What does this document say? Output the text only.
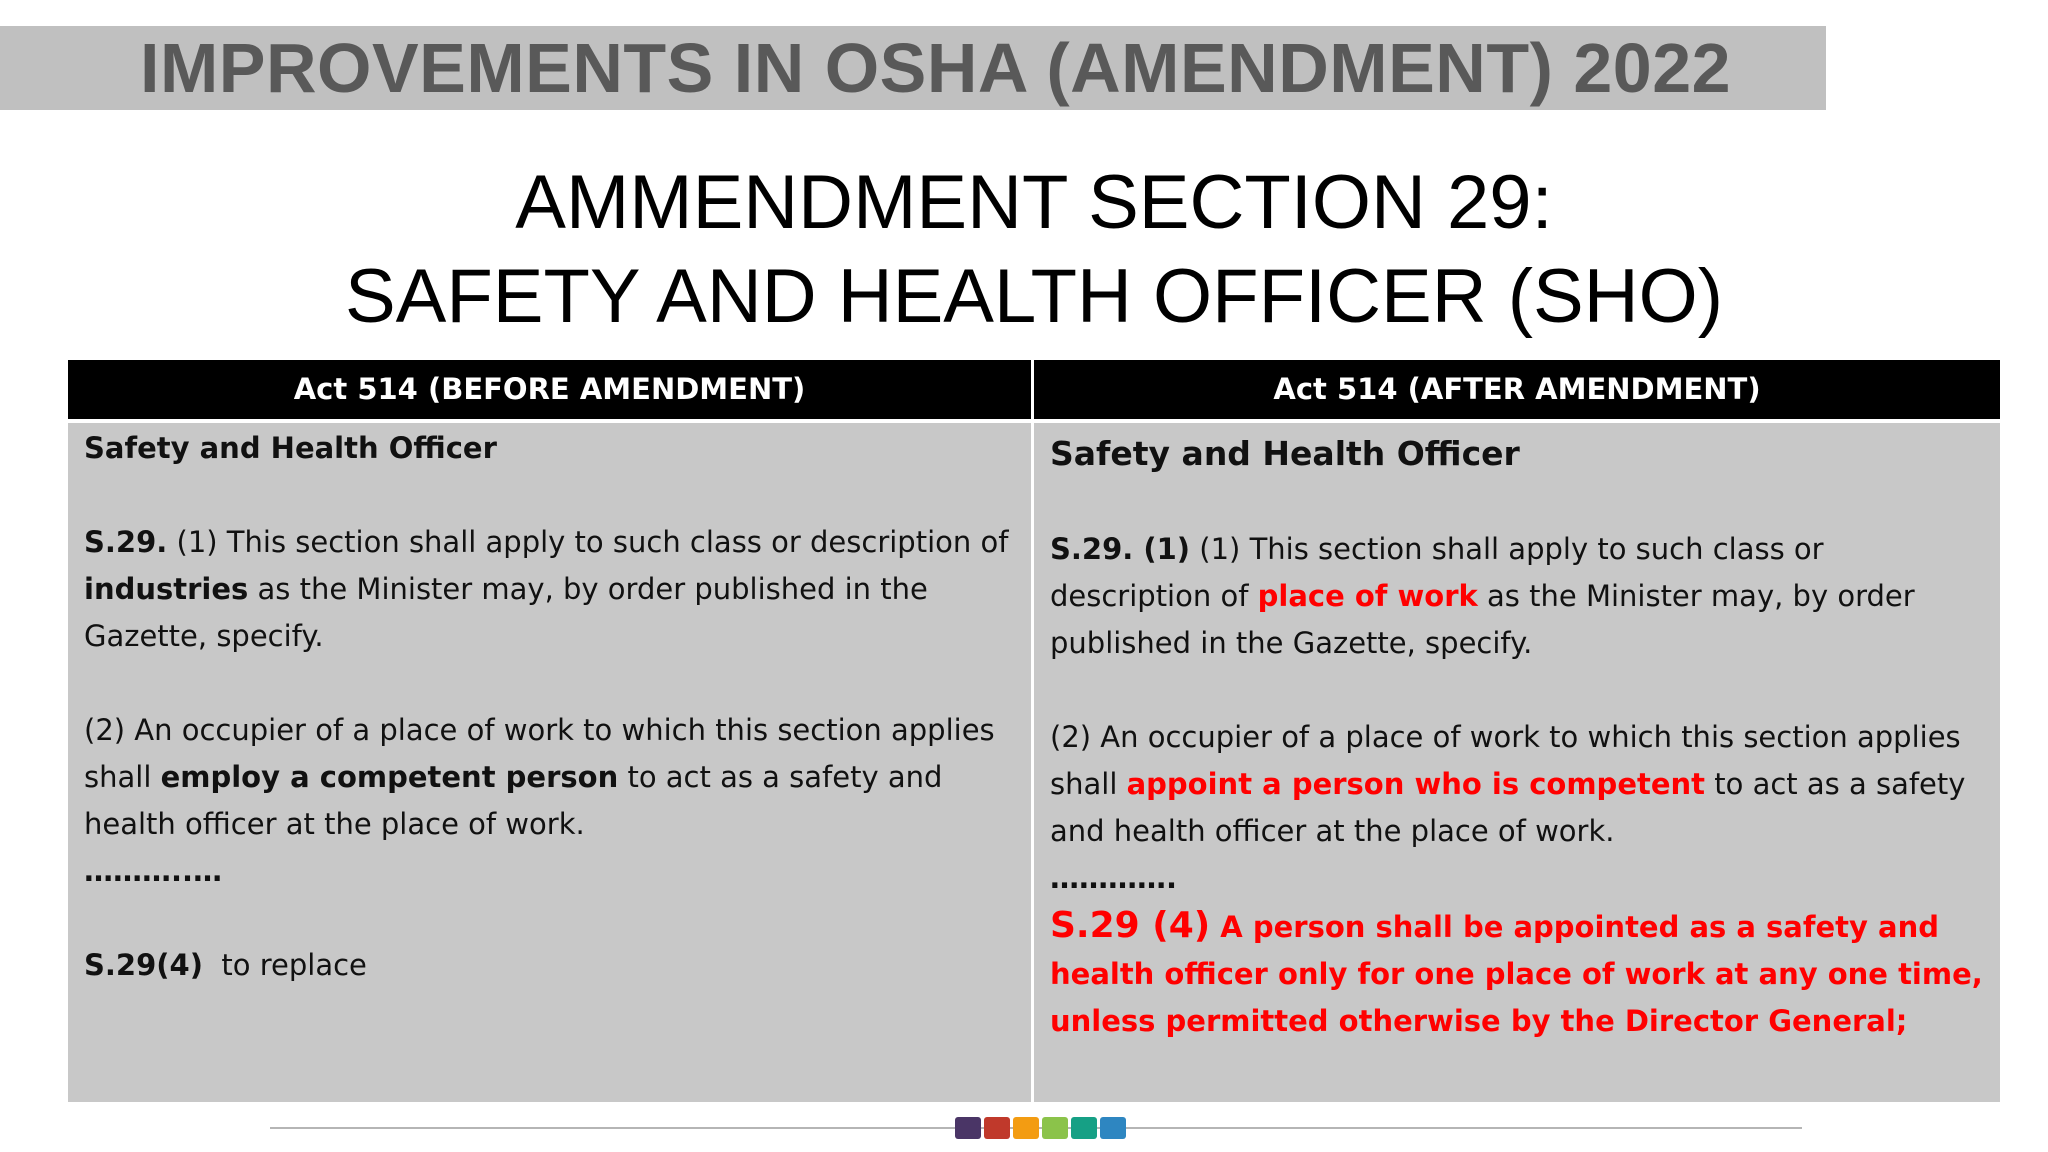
IMPROVEMENTS IN OSHA (AMENDMENT) 2022
AMMENDMENT SECTION 29:
SAFETY AND HEALTH OFFICER (SHO)
Act 514 (BEFORE AMENDMENT)	Act 514 (AFTER AMENDMENT)

Safety and Health Officer

S.29. (1) This section shall apply to such class or description of industries as the Minister may, by order published in the Gazette, specify.

(2) An occupier of a place of work to which this section applies shall employ a competent person to act as a safety and health officer at the place of work.

………..…

S.29(4)  to replace

Safety and Health Officer

S.29. (1) (1) This section shall apply to such class or description of place of work as the Minister may, by order published in the Gazette, specify.

(2) An occupier of a place of work to which this section applies shall appoint a person who is competent to act as a safety and health officer at the place of work.

………….

S.29 (4) A person shall be appointed as a safety and health officer only for one place of work at any one time, unless permitted otherwise by the Director General;
